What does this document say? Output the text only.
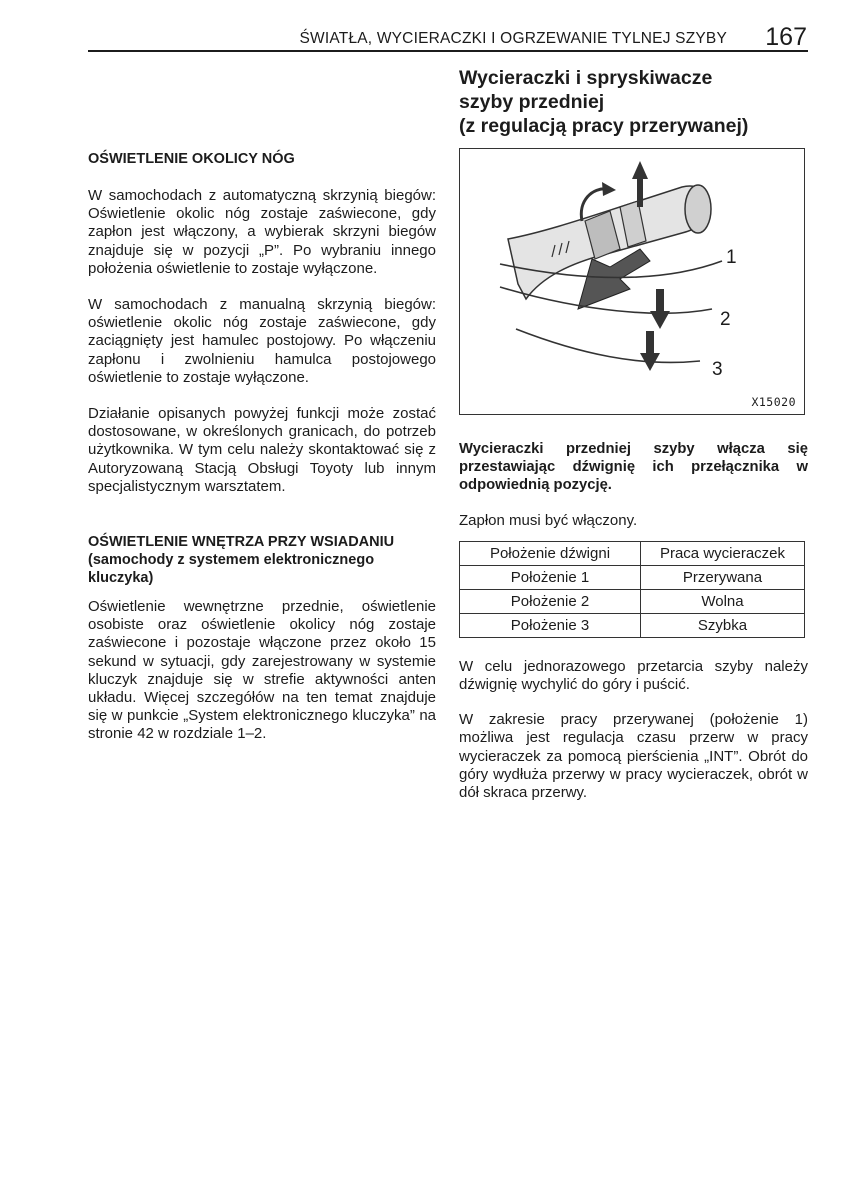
ŚWIATŁA, WYCIERACZKI I OGRZEWANIE TYLNEJ SZYBY 167

OŚWIETLENIE OKOLICY NÓG

W samochodach z automatyczną skrzynią biegów: Oświetlenie okolic nóg zostaje zaświecone, gdy zapłon jest włączony, a wybierak skrzyni biegów znajduje się w pozycji „P”. Po wybraniu innego położenia oświetlenie to zostaje wyłączone.

W samochodach z manualną skrzynią biegów: oświetlenie okolic nóg zostaje zaświecone, gdy zaciągnięty jest hamulec postojowy. Po włączeniu zapłonu i zwolnieniu hamulca postojowego oświetlenie to zostaje wyłączone.

Działanie opisanych powyżej funkcji może zostać dostosowane, w określonych granicach, do potrzeb użytkownika. W tym celu należy skontaktować się z Autoryzowaną Stacją Obsługi Toyoty lub innym specjalistycznym warsztatem.

OŚWIETLENIE WNĘTRZA PRZY WSIADANIU

(samochody z systemem elektronicznego kluczyka)

Oświetlenie wewnętrzne przednie, oświetlenie osobiste oraz oświetlenie okolicy nóg zostaje zaświecone i pozostaje włączone przez około 15 sekund w sytuacji, gdy zarejestrowany w systemie kluczyk znajduje się w strefie aktywności anten układu. Więcej szczegółów na ten temat znajduje się w punkcie „System elektronicznego kluczyka” na stronie 42 w rozdziale 1–2.

Wycieraczki i spryskiwacze

szyby przedniej

(z regulacją pracy przerywanej)

1
2
3
X15020

Wycieraczki przedniej szyby włącza się przestawiając dźwignię ich przełącznika w odpowiednią pozycję.

Zapłon musi być włączony.

Położenie dźwigni	Praca wycieraczek
Położenie 1	Przerywana
Położenie 2	Wolna
Położenie 3	Szybka

W celu jednorazowego przetarcia szyby należy dźwignię wychylić do góry i puścić.

W zakresie pracy przerywanej (położenie 1) możliwa jest regulacja czasu przerw w pracy wycieraczek za pomocą pierścienia „INT”. Obrót do góry wydłuża przerwy w pracy wycieraczek, obrót w dół skraca przerwy.
